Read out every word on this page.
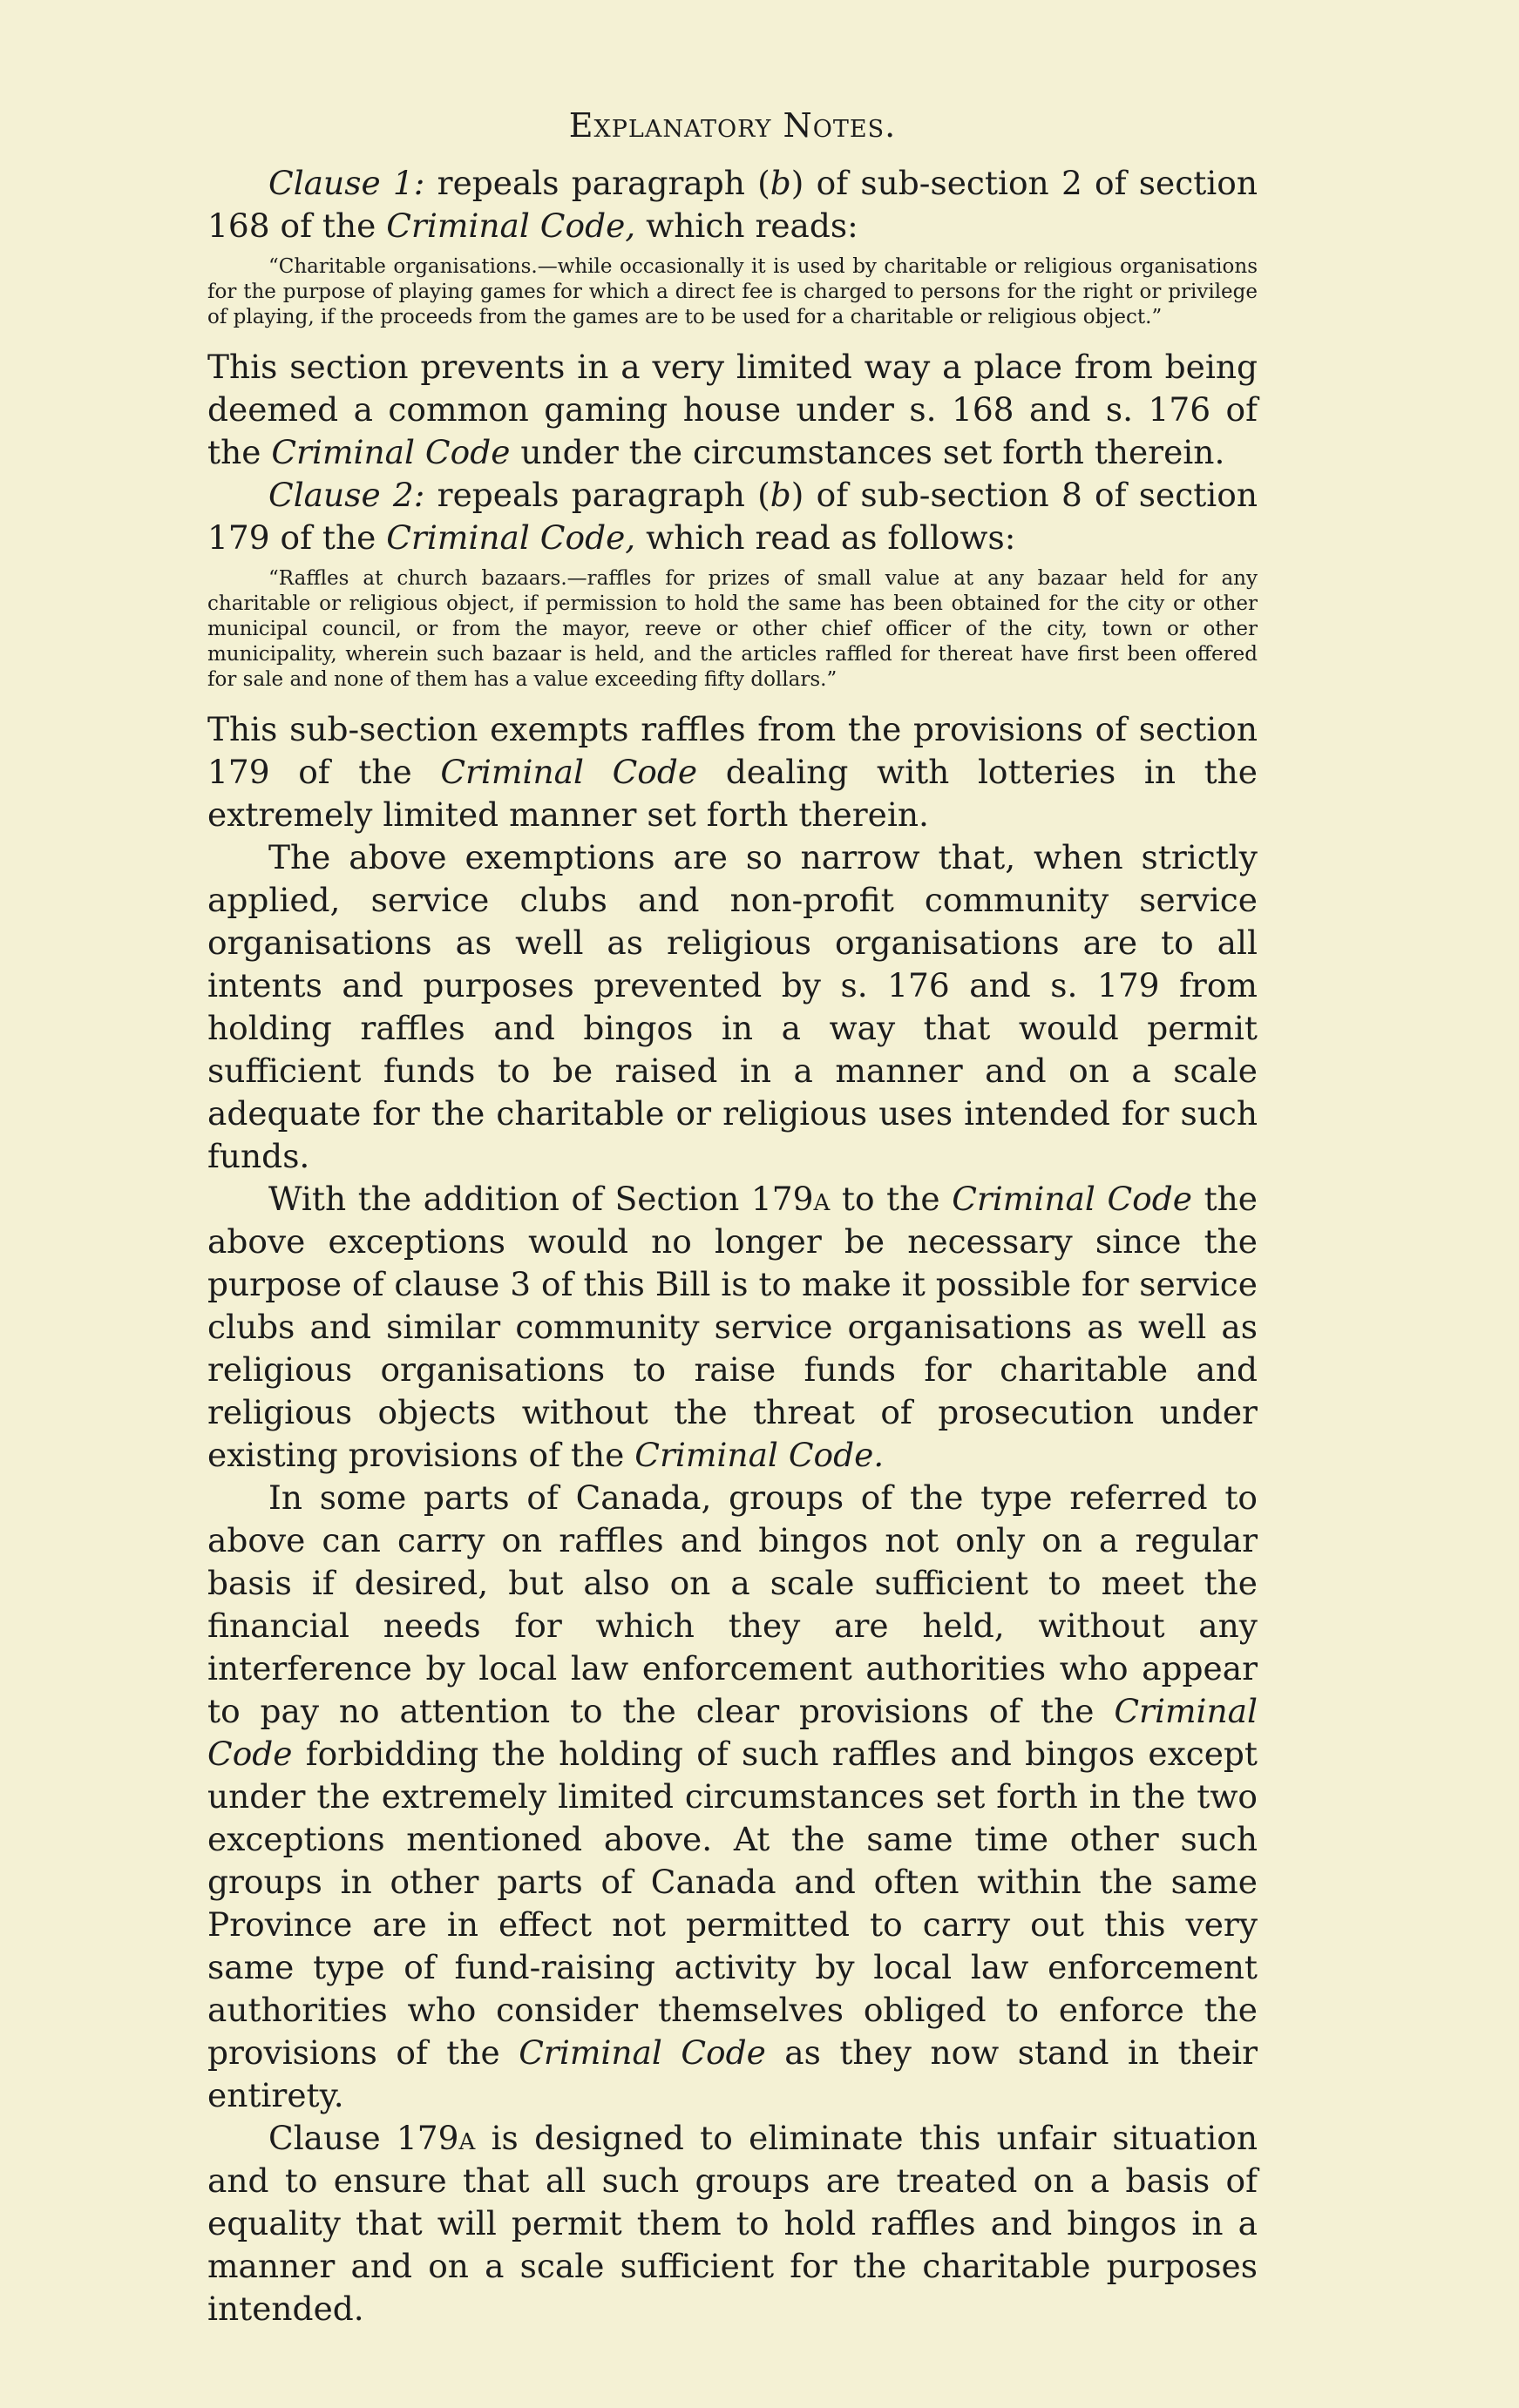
Explanatory Notes.

Clause 1: repeals paragraph (b) of sub-section 2 of section 168 of the Criminal Code, which reads:

“Charitable organisations.—while occasionally it is used by charitable or religious organisations for the purpose of playing games for which a direct fee is charged to persons for the right or privilege of playing, if the proceeds from the games are to be used for a charitable or religious object.”

This section prevents in a very limited way a place from being deemed a common gaming house under s. 168 and s. 176 of the Criminal Code under the circumstances set forth therein.

Clause 2: repeals paragraph (b) of sub-section 8 of section 179 of the Criminal Code, which read as follows:

“Raffles at church bazaars.—raffles for prizes of small value at any bazaar held for any charitable or religious object, if permission to hold the same has been obtained for the city or other municipal council, or from the mayor, reeve or other chief officer of the city, town or other municipality, wherein such bazaar is held, and the articles raffled for thereat have first been offered for sale and none of them has a value exceeding fifty dollars.”

This sub-section exempts raffles from the provisions of section 179 of the Criminal Code dealing with lotteries in the extremely limited manner set forth therein.

The above exemptions are so narrow that, when strictly applied, service clubs and non-profit community service organisations as well as religious organisations are to all intents and purposes prevented by s. 176 and s. 179 from holding raffles and bingos in a way that would permit sufficient funds to be raised in a manner and on a scale adequate for the charitable or religious uses intended for such funds.

With the addition of Section 179a to the Criminal Code the above exceptions would no longer be necessary since the purpose of clause 3 of this Bill is to make it possible for service clubs and similar community service organisations as well as religious organisations to raise funds for charitable and religious objects without the threat of prosecution under existing provisions of the Criminal Code.

In some parts of Canada, groups of the type referred to above can carry on raffles and bingos not only on a regular basis if desired, but also on a scale sufficient to meet the financial needs for which they are held, without any interference by local law enforcement authorities who appear to pay no attention to the clear provisions of the Criminal Code forbidding the holding of such raffles and bingos except under the extremely limited circumstances set forth in the two exceptions mentioned above. At the same time other such groups in other parts of Canada and often within the same Province are in effect not permitted to carry out this very same type of fund-raising activity by local law enforcement authorities who consider themselves obliged to enforce the provisions of the Criminal Code as they now stand in their entirety.

Clause 179a is designed to eliminate this unfair situation and to ensure that all such groups are treated on a basis of equality that will permit them to hold raffles and bingos in a manner and on a scale sufficient for the charitable purposes intended.
